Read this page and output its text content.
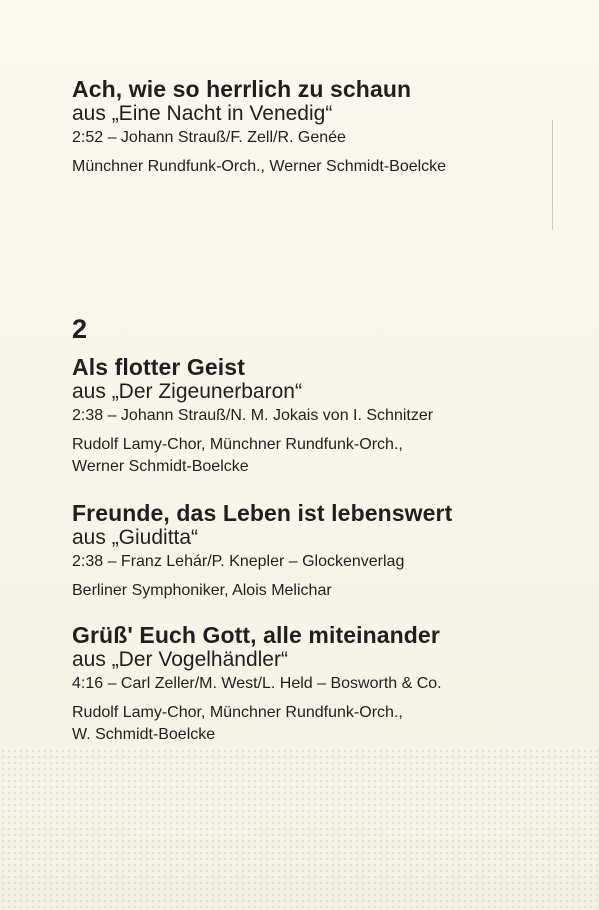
Ach, wie so herrlich zu schaun
aus „Eine Nacht in Venedig“
2:52 – Johann Strauß/F. Zell/R. Genée
Münchner Rundfunk-Orch., Werner Schmidt-Boelcke
2
Als flotter Geist
aus „Der Zigeunerbaron“
2:38 – Johann Strauß/N. M. Jokais von I. Schnitzer
Rudolf Lamy-Chor, Münchner Rundfunk-Orch.,
Werner Schmidt-Boelcke
Freunde, das Leben ist lebenswert
aus „Giuditta“
2:38 – Franz Lehár/P. Knepler – Glockenverlag
Berliner Symphoniker, Alois Melichar
Grüß' Euch Gott, alle miteinander
aus „Der Vogelhändler“
4:16 – Carl Zeller/M. West/L. Held – Bosworth & Co.
Rudolf Lamy-Chor, Münchner Rundfunk-Orch.,
W. Schmidt-Boelcke
